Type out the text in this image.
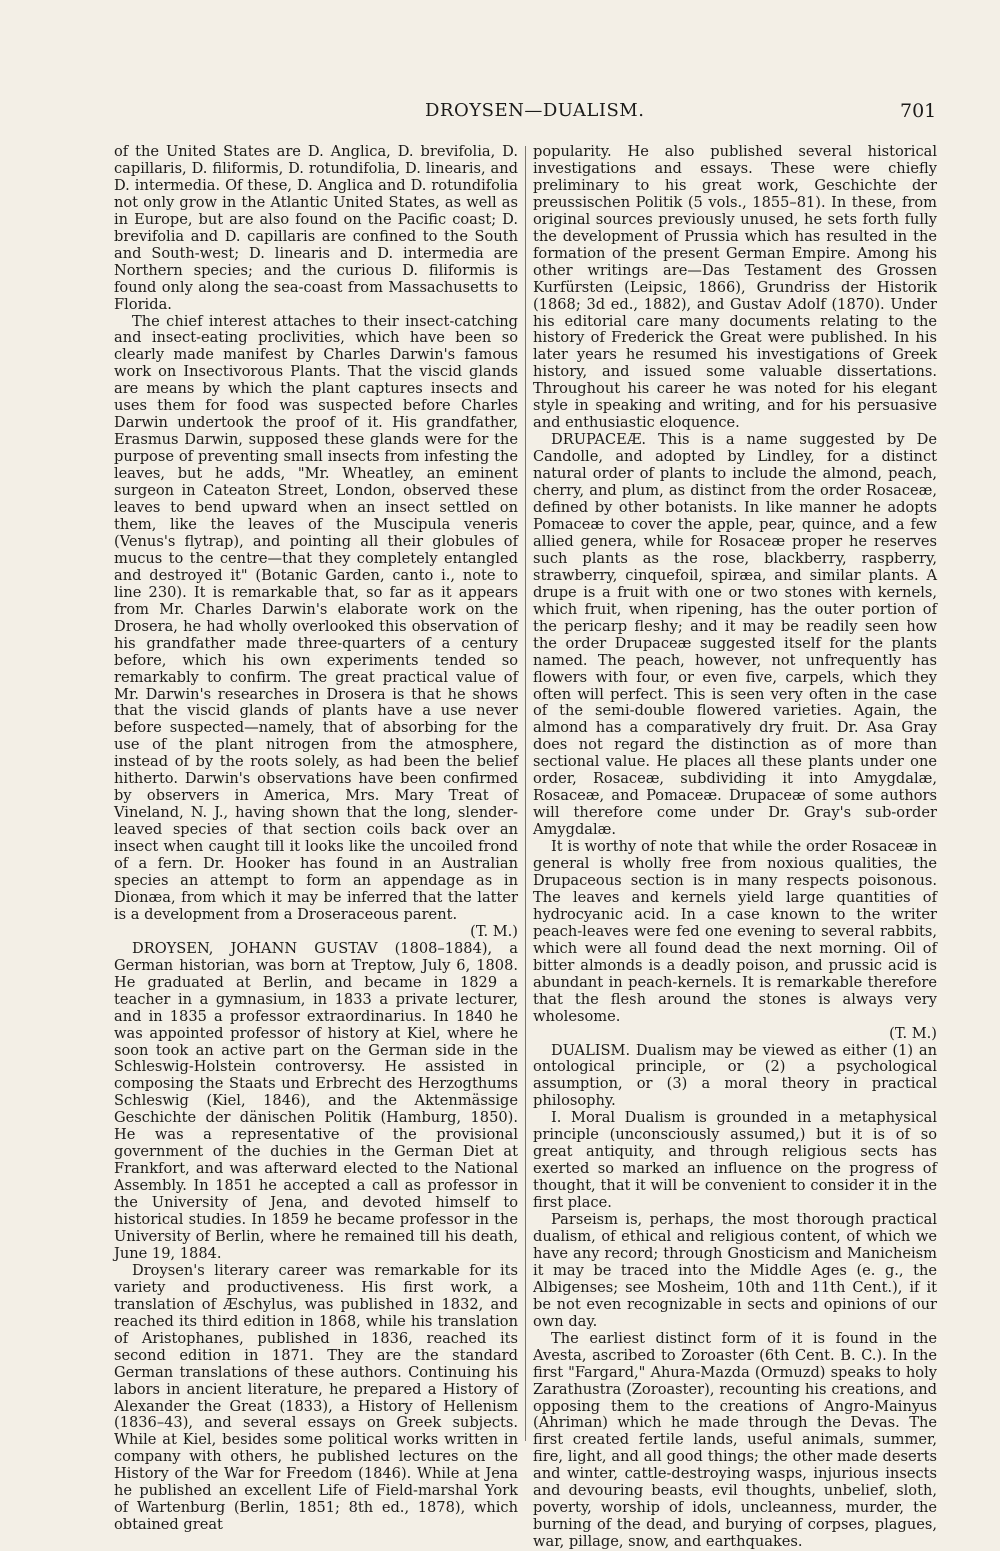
DROYSEN—DUALISM.	701

of the United States are D. Anglica, D. brevifolia, D. capillaris, D. filiformis, D. rotundifolia, D. linearis, and D. intermedia. Of these, D. Anglica and D. rotundifolia not only grow in the Atlantic United States, as well as in Europe, but are also found on the Pacific coast; D. brevifolia and D. capillaris are confined to the South and South-west; D. linearis and D. intermedia are Northern species; and the curious D. filiformis is found only along the sea-coast from Massachusetts to Florida.

The chief interest attaches to their insect-catching and insect-eating proclivities, which have been so clearly made manifest by Charles Darwin's famous work on Insectivorous Plants. That the viscid glands are means by which the plant captures insects and uses them for food was suspected before Charles Darwin undertook the proof of it. His grandfather, Erasmus Darwin, supposed these glands were for the purpose of preventing small insects from infesting the leaves, but he adds, "Mr. Wheatley, an eminent surgeon in Cateaton Street, London, observed these leaves to bend upward when an insect settled on them, like the leaves of the Muscipula veneris (Venus's flytrap), and pointing all their globules of mucus to the centre—that they completely entangled and destroyed it" (Botanic Garden, canto i., note to line 230). It is remarkable that, so far as it appears from Mr. Charles Darwin's elaborate work on the Drosera, he had wholly overlooked this observation of his grandfather made three-quarters of a century before, which his own experiments tended so remarkably to confirm. The great practical value of Mr. Darwin's researches in Drosera is that he shows that the viscid glands of plants have a use never before suspected—namely, that of absorbing for the use of the plant nitrogen from the atmosphere, instead of by the roots solely, as had been the belief hitherto. Darwin's observations have been confirmed by observers in America, Mrs. Mary Treat of Vineland, N. J., having shown that the long, slender-leaved species of that section coils back over an insect when caught till it looks like the uncoiled frond of a fern. Dr. Hooker has found in an Australian species an attempt to form an appendage as in Dionæa, from which it may be inferred that the latter is a development from a Droseraceous parent.

(T. M.)

DROYSEN, JOHANN GUSTAV (1808–1884), a German historian, was born at Treptow, July 6, 1808. He graduated at Berlin, and became in 1829 a teacher in a gymnasium, in 1833 a private lecturer, and in 1835 a professor extraordinarius. In 1840 he was appointed professor of history at Kiel, where he soon took an active part on the German side in the Schleswig-Holstein controversy. He assisted in composing the Staats und Erbrecht des Herzogthums Schleswig (Kiel, 1846), and the Aktenmässige Geschichte der dänischen Politik (Hamburg, 1850). He was a representative of the provisional government of the duchies in the German Diet at Frankfort, and was afterward elected to the National Assembly. In 1851 he accepted a call as professor in the University of Jena, and devoted himself to historical studies. In 1859 he became professor in the University of Berlin, where he remained till his death, June 19, 1884.

Droysen's literary career was remarkable for its variety and productiveness. His first work, a translation of Æschylus, was published in 1832, and reached its third edition in 1868, while his translation of Aristophanes, published in 1836, reached its second edition in 1871. They are the standard German translations of these authors. Continuing his labors in ancient literature, he prepared a History of Alexander the Great (1833), a History of Hellenism (1836–43), and several essays on Greek subjects. While at Kiel, besides some political works written in company with others, he published lectures on the History of the War for Freedom (1846). While at Jena he published an excellent Life of Field-marshal York of Wartenburg (Berlin, 1851; 8th ed., 1878), which obtained great

popularity. He also published several historical investigations and essays. These were chiefly preliminary to his great work, Geschichte der preussischen Politik (5 vols., 1855–81). In these, from original sources previously unused, he sets forth fully the development of Prussia which has resulted in the formation of the present German Empire. Among his other writings are—Das Testament des Grossen Kurfürsten (Leipsic, 1866), Grundriss der Historik (1868; 3d ed., 1882), and Gustav Adolf (1870). Under his editorial care many documents relating to the history of Frederick the Great were published. In his later years he resumed his investigations of Greek history, and issued some valuable dissertations. Throughout his career he was noted for his elegant style in speaking and writing, and for his persuasive and enthusiastic eloquence.

DRUPACEÆ. This is a name suggested by De Candolle, and adopted by Lindley, for a distinct natural order of plants to include the almond, peach, cherry, and plum, as distinct from the order Rosaceæ, defined by other botanists. In like manner he adopts Pomaceæ to cover the apple, pear, quince, and a few allied genera, while for Rosaceæ proper he reserves such plants as the rose, blackberry, raspberry, strawberry, cinquefoil, spiræa, and similar plants. A drupe is a fruit with one or two stones with kernels, which fruit, when ripening, has the outer portion of the pericarp fleshy; and it may be readily seen how the order Drupaceæ suggested itself for the plants named. The peach, however, not unfrequently has flowers with four, or even five, carpels, which they often will perfect. This is seen very often in the case of the semi-double flowered varieties. Again, the almond has a comparatively dry fruit. Dr. Asa Gray does not regard the distinction as of more than sectional value. He places all these plants under one order, Rosaceæ, subdividing it into Amygdalæ, Rosaceæ, and Pomaceæ. Drupaceæ of some authors will therefore come under Dr. Gray's sub-order Amygdalæ.

It is worthy of note that while the order Rosaceæ in general is wholly free from noxious qualities, the Drupaceous section is in many respects poisonous. The leaves and kernels yield large quantities of hydrocyanic acid. In a case known to the writer peach-leaves were fed one evening to several rabbits, which were all found dead the next morning. Oil of bitter almonds is a deadly poison, and prussic acid is abundant in peach-kernels. It is remarkable therefore that the flesh around the stones is always very wholesome.

(T. M.)

DUALISM. Dualism may be viewed as either (1) an ontological principle, or (2) a psychological assumption, or (3) a moral theory in practical philosophy.

I. Moral Dualism is grounded in a metaphysical principle (unconsciously assumed,) but it is of so great antiquity, and through religious sects has exerted so marked an influence on the progress of thought, that it will be convenient to consider it in the first place.

Parseism is, perhaps, the most thorough practical dualism, of ethical and religious content, of which we have any record; through Gnosticism and Manicheism it may be traced into the Middle Ages (e. g., the Albigenses; see Mosheim, 10th and 11th Cent.), if it be not even recognizable in sects and opinions of our own day.

The earliest distinct form of it is found in the Avesta, ascribed to Zoroaster (6th Cent. B. C.). In the first "Fargard," Ahura-Mazda (Ormuzd) speaks to holy Zarathustra (Zoroaster), recounting his creations, and opposing them to the creations of Angro-Mainyus (Ahriman) which he made through the Devas. The first created fertile lands, useful animals, summer, fire, light, and all good things; the other made deserts and winter, cattle-destroying wasps, injurious insects and devouring beasts, evil thoughts, unbelief, sloth, poverty, worship of idols, uncleanness, murder, the burning of the dead, and burying of corpses, plagues, war, pillage, snow, and earthquakes.
